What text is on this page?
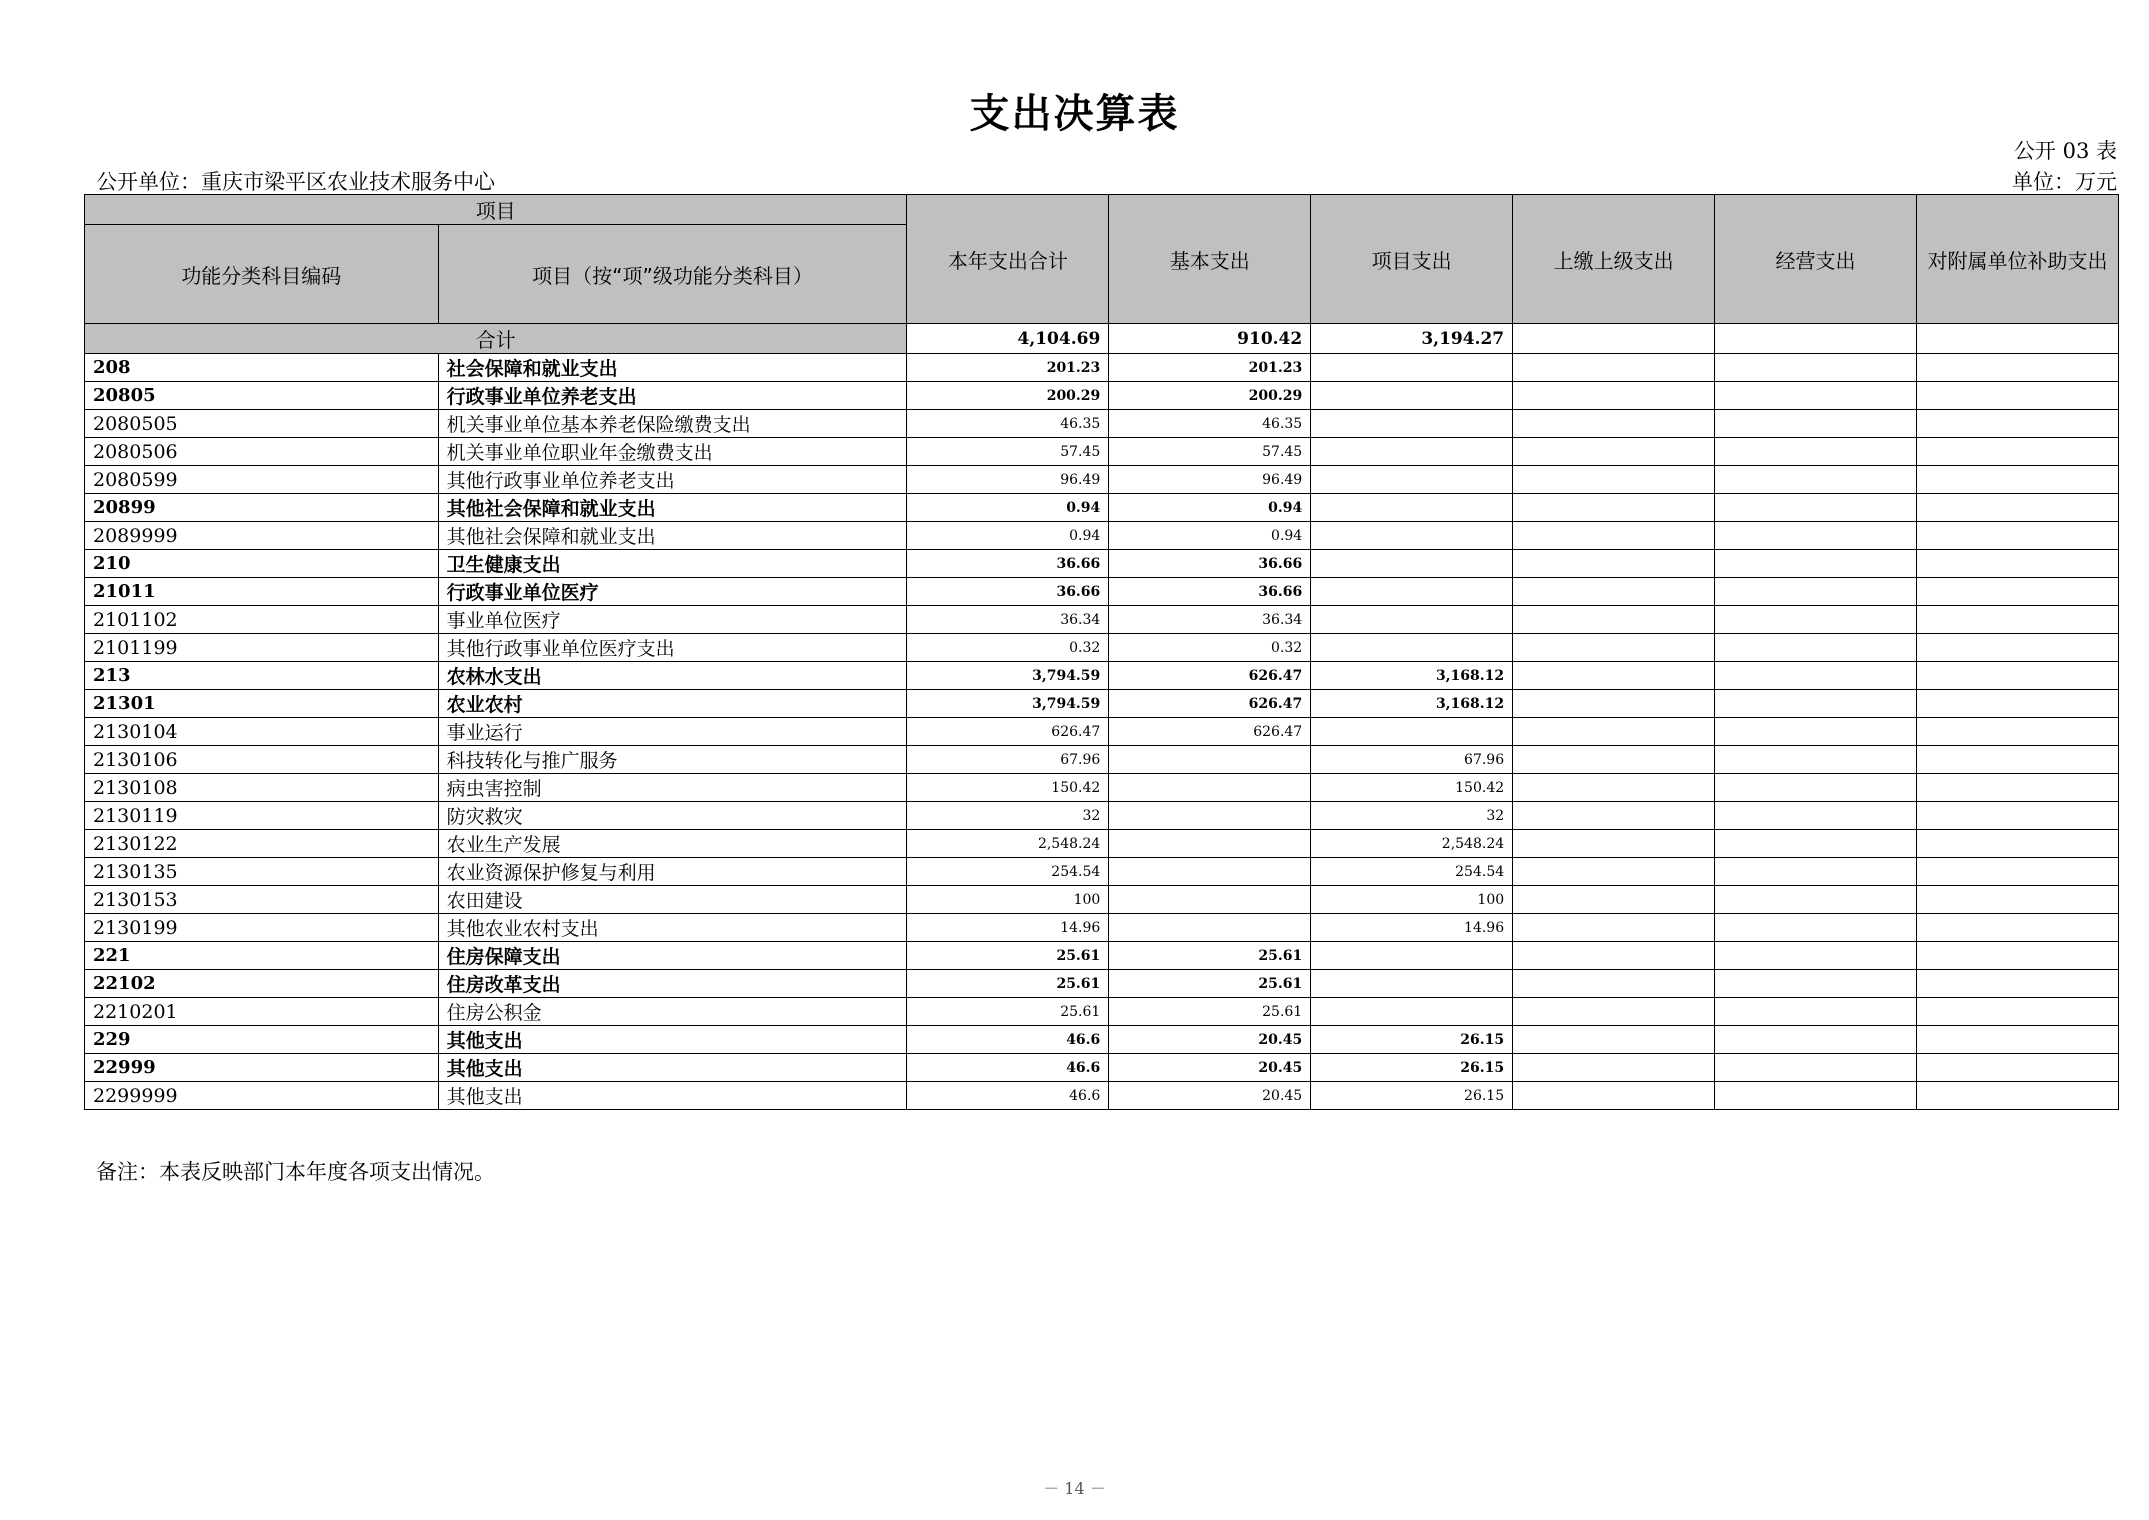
支出决算表
公开 03 表
公开单位：重庆市梁平区农业技术服务中心	单位：万元
项目		本年支出合计	基本支出	项目支出	上缴上级支出	经营支出	对附属单位补助支出
功能分类科目编码	项目（按“项”级功能分类科目）						
合计		4,104.69	910.42	3,194.27			
208	社会保障和就业支出	201.23	201.23				
20805	行政事业单位养老支出	200.29	200.29				
2080505	机关事业单位基本养老保险缴费支出	46.35	46.35				
2080506	机关事业单位职业年金缴费支出	57.45	57.45				
2080599	其他行政事业单位养老支出	96.49	96.49				
20899	其他社会保障和就业支出	0.94	0.94				
2089999	其他社会保障和就业支出	0.94	0.94				
210	卫生健康支出	36.66	36.66				
21011	行政事业单位医疗	36.66	36.66				
2101102	事业单位医疗	36.34	36.34				
2101199	其他行政事业单位医疗支出	0.32	0.32				
213	农林水支出	3,794.59	626.47	3,168.12			
21301	农业农村	3,794.59	626.47	3,168.12			
2130104	事业运行	626.47	626.47				
2130106	科技转化与推广服务	67.96		67.96			
2130108	病虫害控制	150.42		150.42			
2130119	防灾救灾	32		32			
2130122	农业生产发展	2,548.24		2,548.24			
2130135	农业资源保护修复与利用	254.54		254.54			
2130153	农田建设	100		100			
2130199	其他农业农村支出	14.96		14.96			
221	住房保障支出	25.61	25.61				
22102	住房改革支出	25.61	25.61				
2210201	住房公积金	25.61	25.61				
229	其他支出	46.6	20.45	26.15			
22999	其他支出	46.6	20.45	26.15			
2299999	其他支出	46.6	20.45	26.15			
备注：本表反映部门本年度各项支出情况。
－ 14 －
